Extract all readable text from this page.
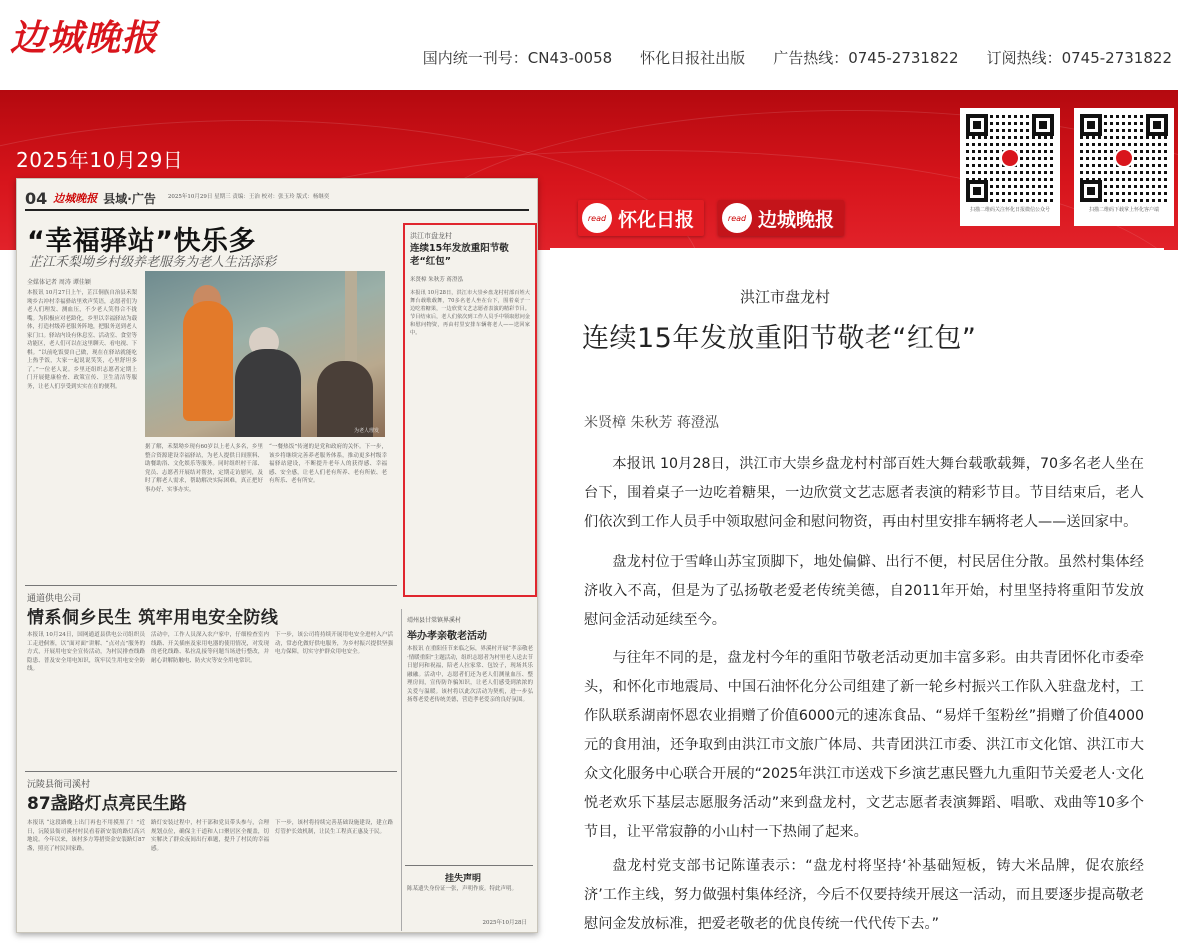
边城晚报	国内统一刊号：CN43-0058 怀化日报社出版 广告热线：0745-2731822 订阅热线：0745-2731822
2025年10月29日
扫描二维码关注怀化日报微信公众号	扫描二维码下载掌上怀化客户端
04 边城晚报 县域·广告 2025年10月29日 星期三 责编：王治 校对：张玉玲 版式：杨继奕
“幸福驿站”快乐多
芷江禾梨坳乡村级养老服务为老人生活添彩
全媒体记者 周涛 谭佳颖
本报讯 10月27日上午，芷江侗族自治县禾梨坳乡古冲村幸福驿站里欢声笑语，志愿者们为老人们理发、测血压，不少老人笑得合不拢嘴。为积极应对老龄化，乡里以幸福驿站为载体，打造村级养老服务阵地，把服务送到老人家门口。驿站内设有休息室、活动室、食堂等功能区，老人们可以在这里聊天、看电视、下棋。“以前吃饭要自己做，现在在驿站就能吃上热乎饭，大家一起说说笑笑，心里舒坦多了。”一位老人说。乡里还组织志愿者定期上门开展健康检查、政策宣传、卫生清洁等服务，让老人们享受到实实在在的便利。
为老人理发
据了解，禾梨坳乡现有60岁以上老人多名，乡里整合资源建设幸福驿站，为老人提供日间照料、助餐助浴、文化娱乐等服务。同时组织村干部、党员、志愿者开展结对帮扶，定期走访慰问，及时了解老人需求，帮助解决实际困难，真正把好事办好、实事办实。
“一餐热饭”传递的是党和政府的关怀。下一步，该乡将继续完善养老服务体系，推动更多村级幸福驿站建设，不断提升老年人的获得感、幸福感、安全感，让老人们老有所养、老有所依、老有所乐、老有所安。
洪江市盘龙村
连续15年发放重阳节敬老“红包”
米贤樟 朱秋芳 蒋澄泓
本报讯 10月28日，洪江市大崇乡盘龙村村部百姓大舞台载歌载舞，70多名老人坐在台下，围着桌子一边吃着糖果，一边欣赏文艺志愿者表演的精彩节目。节目结束后，老人们依次到工作人员手中领取慰问金和慰问物资，再由村里安排车辆将老人——送回家中。
通道供电公司
情系侗乡民生 筑牢用电安全防线
本报讯 10月24日，国网通道县供电公司组织员工走进侗寨，以“面对面”讲解、“点对点”服务的方式，开展用电安全宣传活动，为村民排查线路隐患、普及安全用电知识，筑牢民生用电安全防线。
活动中，工作人员深入农户家中，仔细检查室内线路、开关插座及家用电器的使用情况，对发现的老化线路、私拉乱接等问题当场进行整改，并耐心讲解防触电、防火灾等安全用电常识。
下一步，该公司将持续开展用电安全进村入户活动，常态化做好供电服务，为乡村振兴提供坚强电力保障，切实守护群众用电安全。
靖州县甘棠镇界溪村
举办孝亲敬老活动
本报讯 在重阳佳节来临之际，界溪村开展“孝亲敬老·情暖重阳”主题活动，组织志愿者为村里老人送去节日慰问和祝福，陪老人拉家常、包饺子，现场其乐融融。活动中，志愿者们还为老人们测量血压、整理房间，宣传防诈骗知识，让老人们感受到浓浓的关爱与温暖。该村将以此次活动为契机，进一步弘扬尊老爱老传统美德，营造孝老爱亲的良好氛围。
沅陵县衙司溪村
87盏路灯点亮民生路
本报讯 “这段路晚上出门再也不用摸黑了！”近日，沅陵县衙司溪村村民看着新安装的路灯高兴地说。今年以来，该村多方筹措资金安装路灯87盏，照亮了村民回家路。
路灯安装过程中，村干部和党员带头参与，合理规划点位，确保主干道和人口聚居区全覆盖，切实解决了群众夜间出行难题，提升了村民的幸福感。
下一步，该村将持续完善基础设施建设，建立路灯管护长效机制，让民生工程真正惠及于民。
挂失声明
陈某遗失身份证一张，声明作废。特此声明。
2025年10月28日
read 怀化日报	read 边城晚报
洪江市盘龙村
连续15年发放重阳节敬老“红包”
米贤樟 朱秋芳 蒋澄泓

本报讯 10月28日，洪江市大崇乡盘龙村村部百姓大舞台载歌载舞，70多名老人坐在台下，围着桌子一边吃着糖果，一边欣赏文艺志愿者表演的精彩节目。节目结束后，老人们依次到工作人员手中领取慰问金和慰问物资，再由村里安排车辆将老人——送回家中。

盘龙村位于雪峰山苏宝顶脚下，地处偏僻、出行不便，村民居住分散。虽然村集体经济收入不高，但是为了弘扬敬老爱老传统美德，自2011年开始，村里坚持将重阳节发放慰问金活动延续至今。

与往年不同的是，盘龙村今年的重阳节敬老活动更加丰富多彩。由共青团怀化市委牵头，和怀化市地震局、中国石油怀化分公司组建了新一轮乡村振兴工作队入驻盘龙村，工作队联系湖南怀恩农业捐赠了价值6000元的速冻食品、“易烊千玺粉丝”捐赠了价值4000元的食用油，还争取到由洪江市文旅广体局、共青团洪江市委、洪江市文化馆、洪江市大众文化服务中心联合开展的“2025年洪江市送戏下乡演艺惠民暨九九重阳节关爱老人·文化悦老欢乐下基层志愿服务活动”来到盘龙村，文艺志愿者表演舞蹈、唱歌、戏曲等10多个节目，让平常寂静的小山村一下热闹了起来。

盘龙村党支部书记陈谨表示：“盘龙村将坚持‘补基础短板，铸大米品牌，促农旅经济’工作主线，努力做强村集体经济，今后不仅要持续开展这一活动，而且要逐步提高敬老慰问金发放标准，把爱老敬老的优良传统一代代传下去。”
